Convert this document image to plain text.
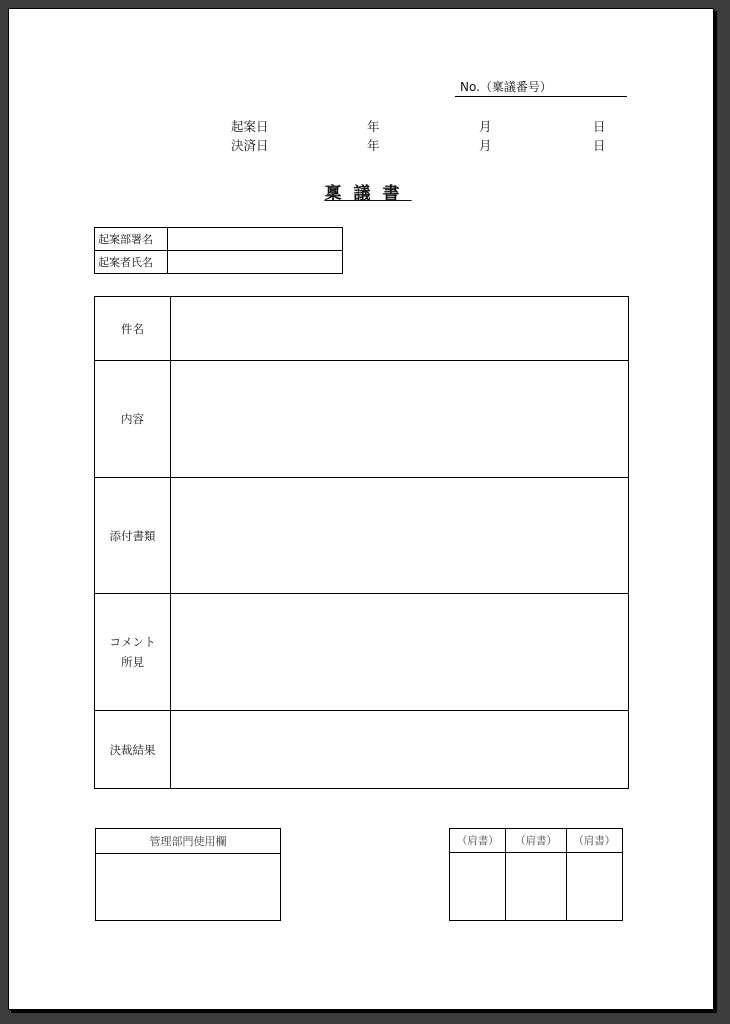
No.（稟議番号）
起案日	年	月	日
決済日	年	月	日
稟議書
起案部署名	
起案者氏名	
件名	
内容	
添付書類	

コメント
所見	

決裁結果	
管理部門使用欄	（肩書）	（肩書）	（肩書）
